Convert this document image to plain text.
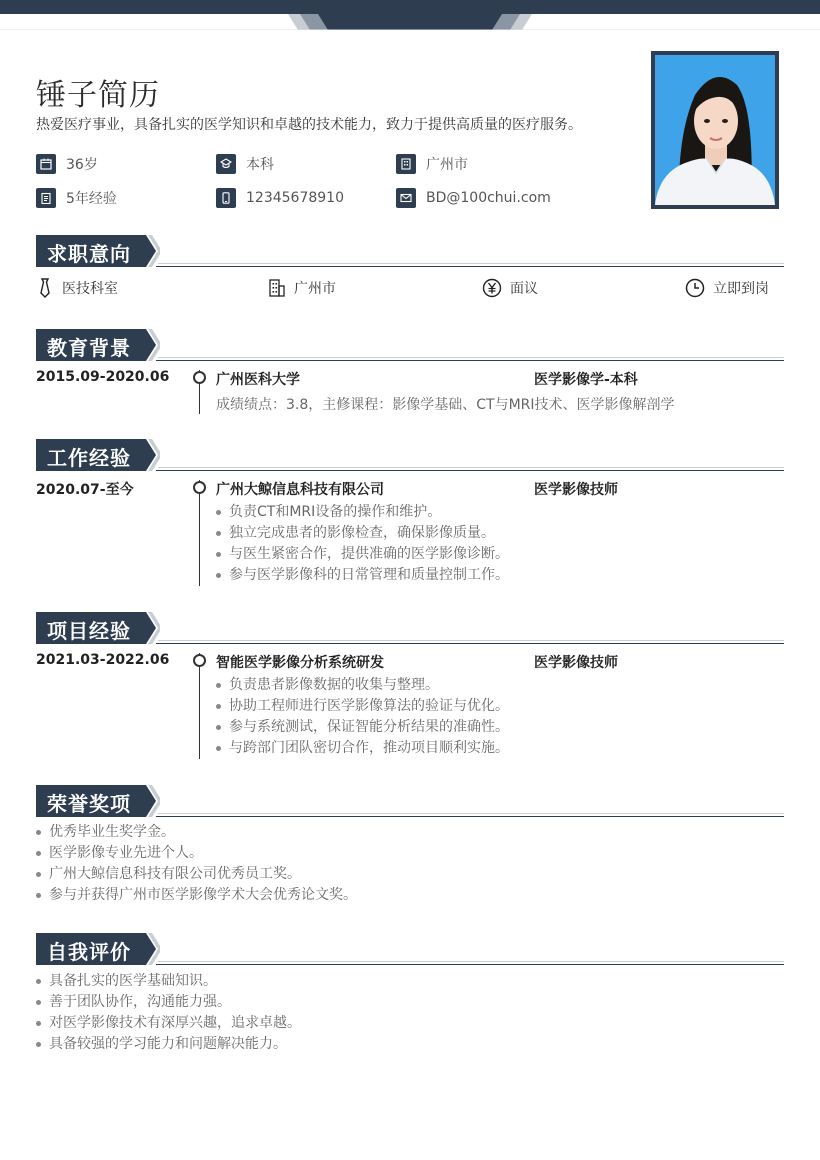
锤子简历
热爱医疗事业，具备扎实的医学知识和卓越的技术能力，致力于提供高质量的医疗服务。
36岁	本科	广州市
5年经验	12345678910	BD@100chui.com
求职意向
医技科室	广州市	面议	立即到岗
教育背景
2015.09-2020.06	广州医科大学	医学影像学-本科
成绩绩点：3.8，主修课程：影像学基础、CT与MRI技术、医学影像解剖学
工作经验
2020.07-至今	广州大鲸信息科技有限公司	医学影像技师
负责CT和MRI设备的操作和维护。
独立完成患者的影像检查，确保影像质量。
与医生紧密合作，提供准确的医学影像诊断。
参与医学影像科的日常管理和质量控制工作。
项目经验
2021.03-2022.06	智能医学影像分析系统研发	医学影像技师
负责患者影像数据的收集与整理。
协助工程师进行医学影像算法的验证与优化。
参与系统测试，保证智能分析结果的准确性。
与跨部门团队密切合作，推动项目顺利实施。
荣誉奖项
优秀毕业生奖学金。
医学影像专业先进个人。
广州大鲸信息科技有限公司优秀员工奖。
参与并获得广州市医学影像学术大会优秀论文奖。
自我评价
具备扎实的医学基础知识。
善于团队协作，沟通能力强。
对医学影像技术有深厚兴趣，追求卓越。
具备较强的学习能力和问题解决能力。
